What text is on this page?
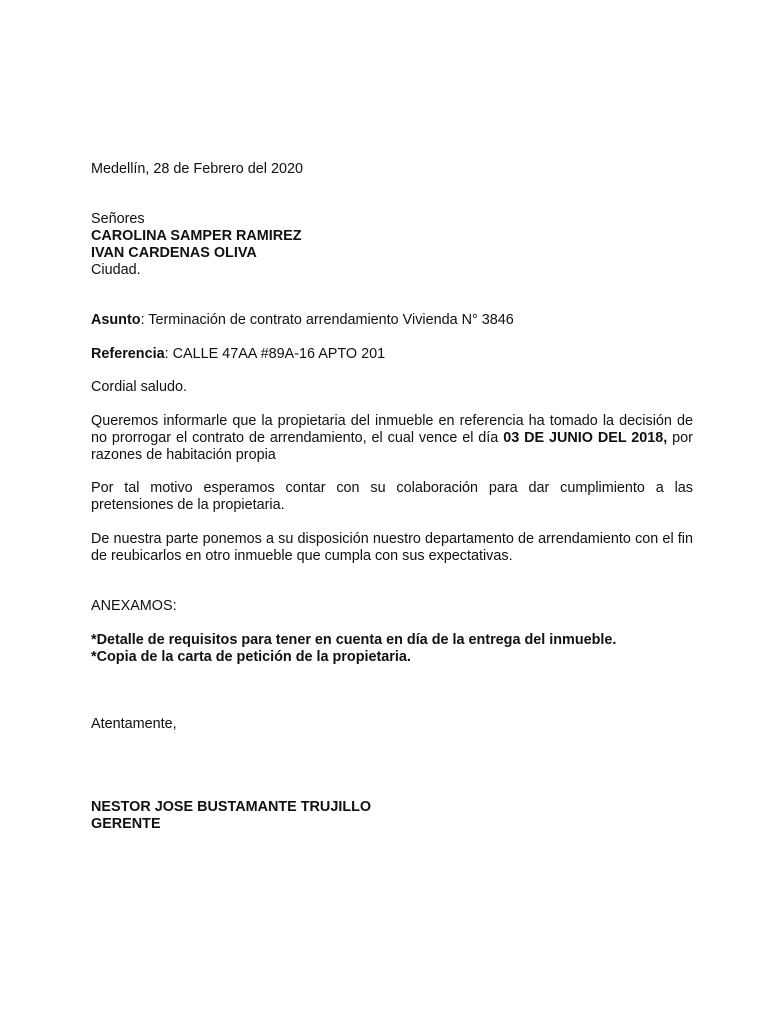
Medellín, 28 de Febrero del 2020

Señores
CAROLINA SAMPER RAMIREZ
IVAN CARDENAS OLIVA
Ciudad.

Asunto: Terminación de contrato arrendamiento Vivienda N° 3846

Referencia: CALLE 47AA #89A-16 APTO 201

Cordial saludo.

Queremos informarle que la propietaria del inmueble en referencia ha tomado la decisión de no prorrogar el contrato de arrendamiento, el cual vence el día 03 DE JUNIO DEL 2018, por razones de habitación propia

Por tal motivo esperamos contar con su colaboración para dar cumplimiento a las pretensiones de la propietaria.

De nuestra parte ponemos a su disposición nuestro departamento de arrendamiento con el fin de reubicarlos en otro inmueble que cumpla con sus expectativas.

ANEXAMOS:

*Detalle de requisitos para tener en cuenta en día de la entrega del inmueble.
*Copia de la carta de petición de la propietaria.

Atentamente,

NESTOR JOSE BUSTAMANTE TRUJILLO
GERENTE
